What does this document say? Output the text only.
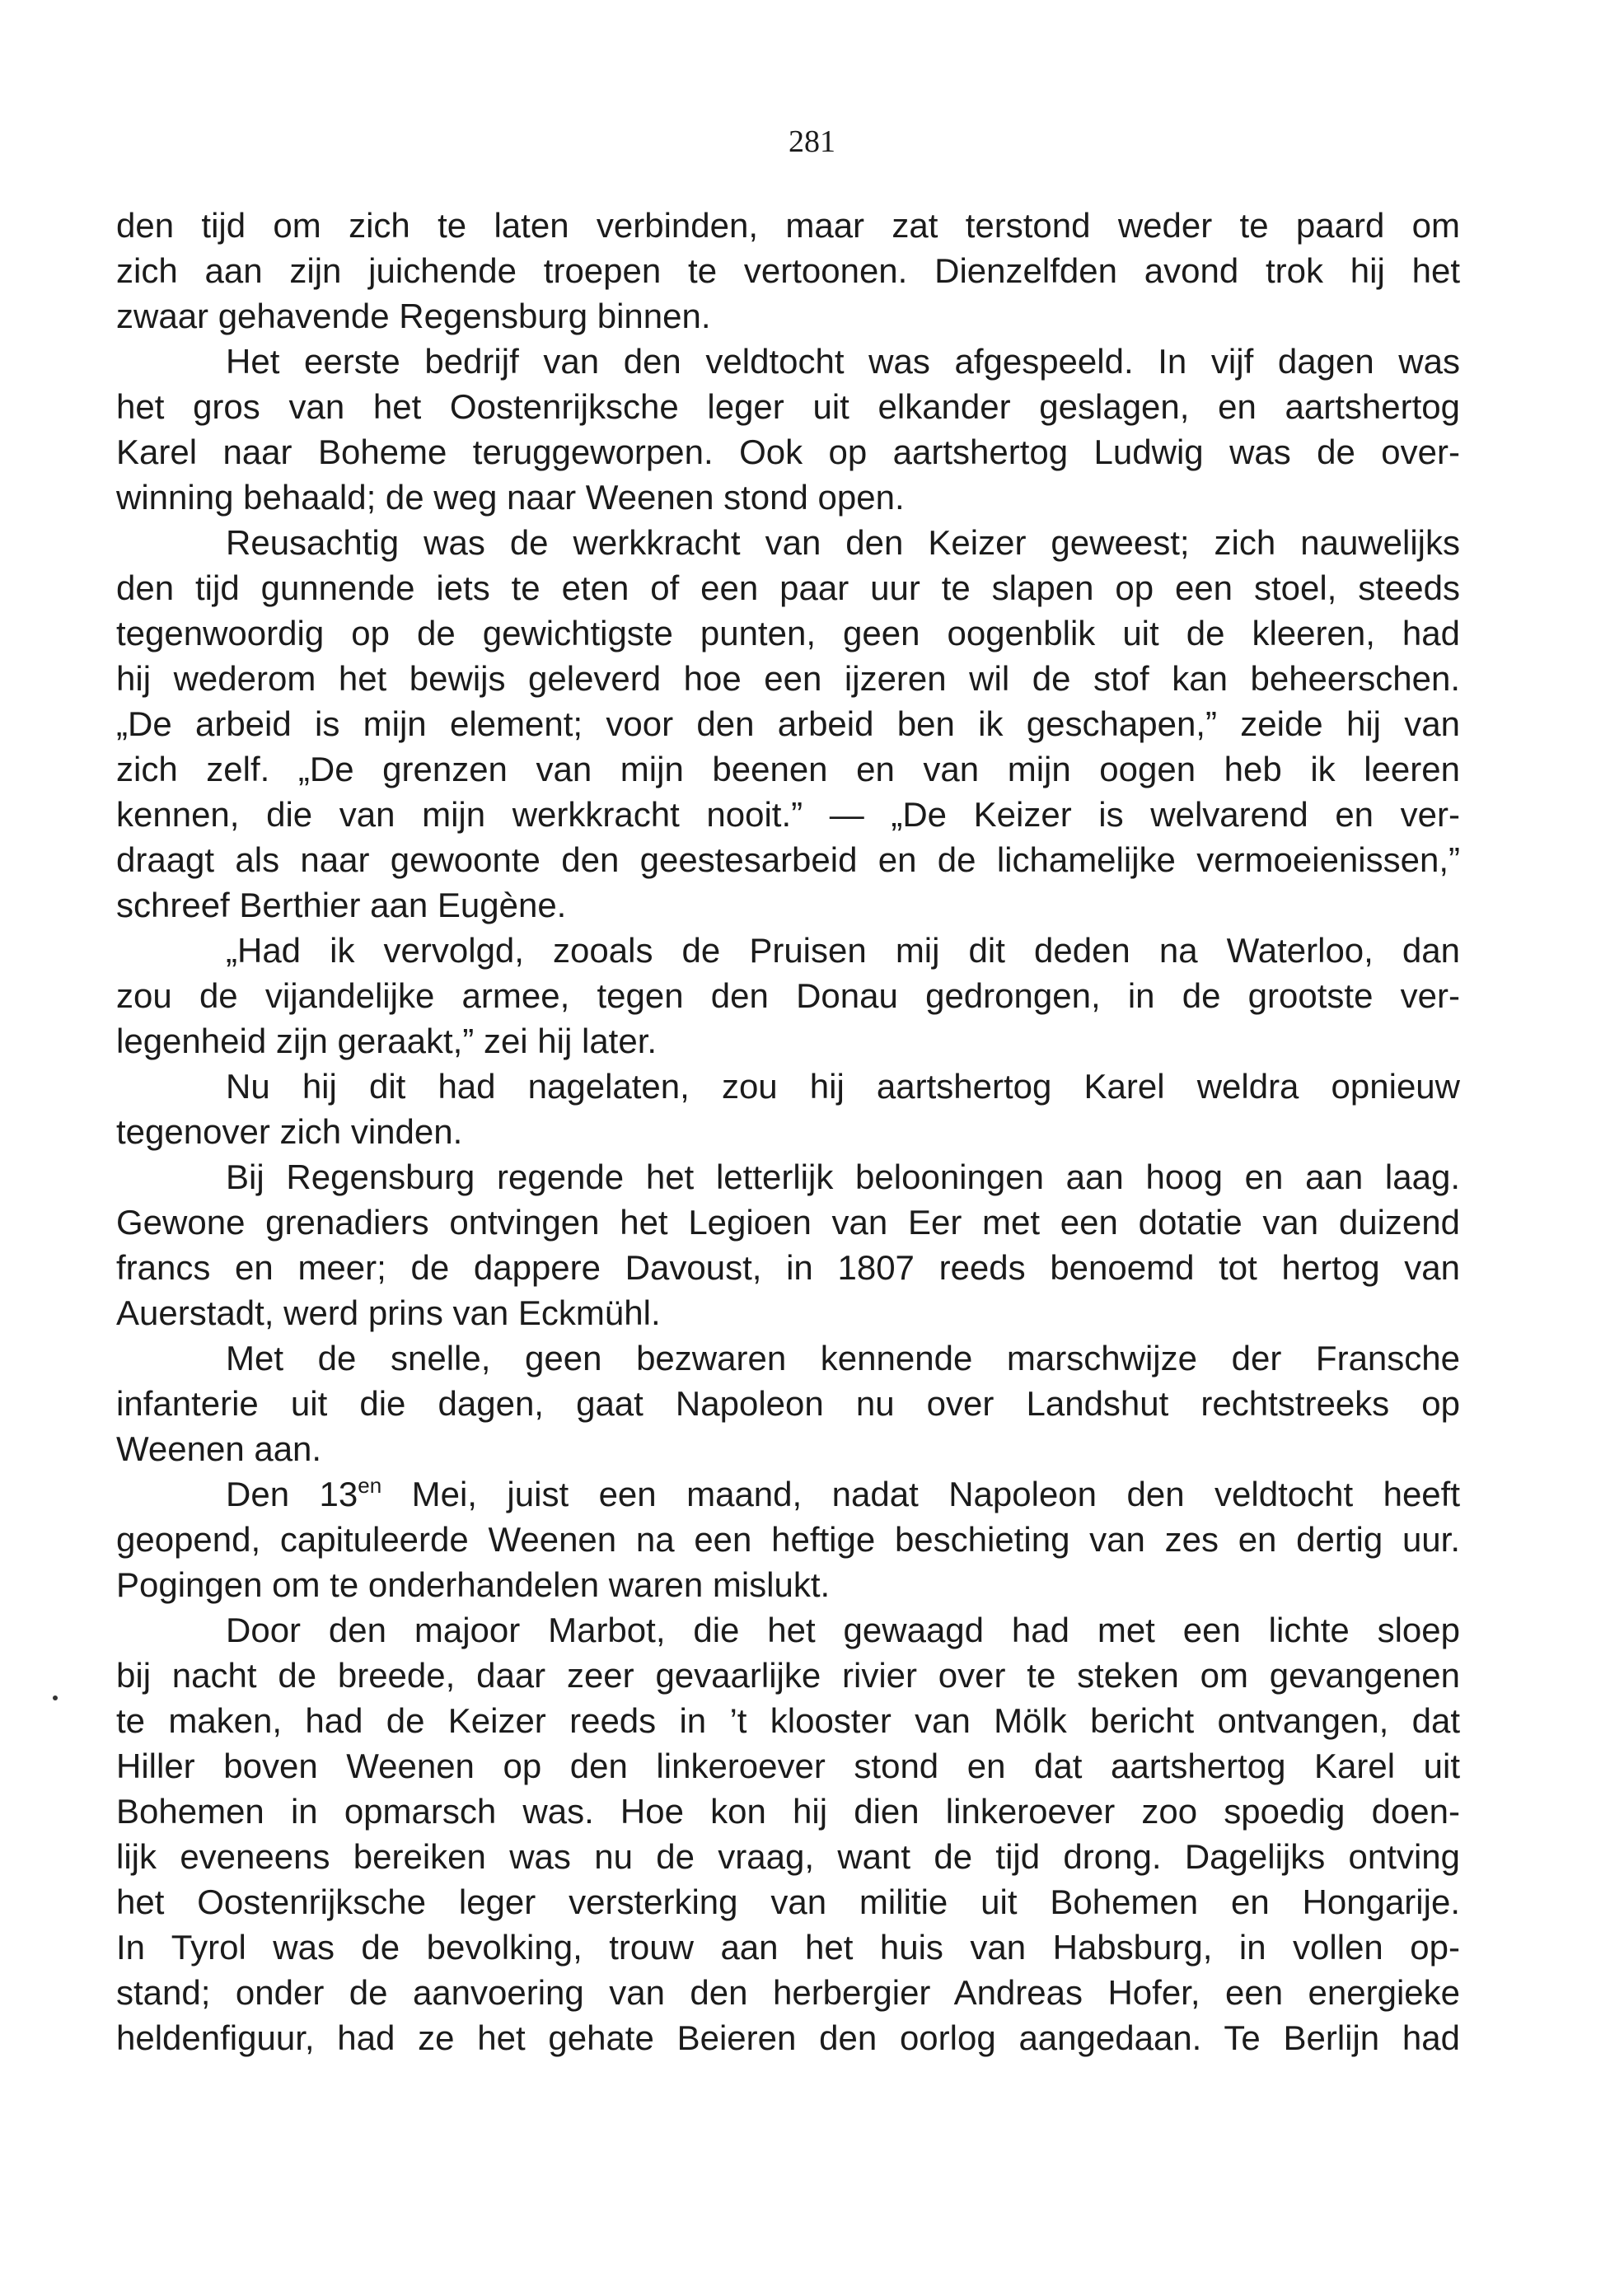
281

den tijd om zich te laten verbinden, maar zat terstond weder te paard om
zich aan zijn juichende troepen te vertoonen. Dienzelfden avond trok hij het
zwaar gehavende Regensburg binnen.

Het eerste bedrijf van den veldtocht was afgespeeld. In vijf dagen was
het gros van het Oostenrijksche leger uit elkander geslagen, en aartshertog
Karel naar Boheme teruggeworpen. Ook op aartshertog Ludwig was de over-
winning behaald; de weg naar Weenen stond open.

Reusachtig was de werkkracht van den Keizer geweest; zich nauwelijks
den tijd gunnende iets te eten of een paar uur te slapen op een stoel, steeds
tegenwoordig op de gewichtigste punten, geen oogenblik uit de kleeren, had
hij wederom het bewijs geleverd hoe een ijzeren wil de stof kan beheerschen.
„De arbeid is mijn element; voor den arbeid ben ik geschapen,” zeide hij van
zich zelf. „De grenzen van mijn beenen en van mijn oogen heb ik leeren
kennen, die van mijn werkkracht nooit.” — „De Keizer is welvarend en ver-
draagt als naar gewoonte den geestesarbeid en de lichamelijke vermoeienissen,”
schreef Berthier aan Eugène.

„Had ik vervolgd, zooals de Pruisen mij dit deden na Waterloo, dan
zou de vijandelijke armee, tegen den Donau gedrongen, in de grootste ver-
legenheid zijn geraakt,” zei hij later.

Nu hij dit had nagelaten, zou hij aartshertog Karel weldra opnieuw
tegenover zich vinden.

Bij Regensburg regende het letterlijk belooningen aan hoog en aan laag.
Gewone grenadiers ontvingen het Legioen van Eer met een dotatie van duizend
francs en meer; de dappere Davoust, in 1807 reeds benoemd tot hertog van
Auerstadt, werd prins van Eckmühl.

Met de snelle, geen bezwaren kennende marschwijze der Fransche
infanterie uit die dagen, gaat Napoleon nu over Landshut rechtstreeks op
Weenen aan.

Den $13^{en}$ Mei, juist een maand, nadat Napoleon den veldtocht heeft
geopend, capituleerde Weenen na een heftige beschieting van zes en dertig uur.
Pogingen om te onderhandelen waren mislukt.

Door den majoor Marbot, die het gewaagd had met een lichte sloep
bij nacht de breede, daar zeer gevaarlijke rivier over te steken om gevangenen
te maken, had de Keizer reeds in ’t klooster van Mölk bericht ontvangen, dat
Hiller boven Weenen op den linkeroever stond en dat aartshertog Karel uit
Bohemen in opmarsch was. Hoe kon hij dien linkeroever zoo spoedig doen-
lijk eveneens bereiken was nu de vraag, want de tijd drong. Dagelijks ontving
het Oostenrijksche leger versterking van militie uit Bohemen en Hongarije.
In Tyrol was de bevolking, trouw aan het huis van Habsburg, in vollen op-
stand; onder de aanvoering van den herbergier Andreas Hofer, een energieke
heldenfiguur, had ze het gehate Beieren den oorlog aangedaan. Te Berlijn had
